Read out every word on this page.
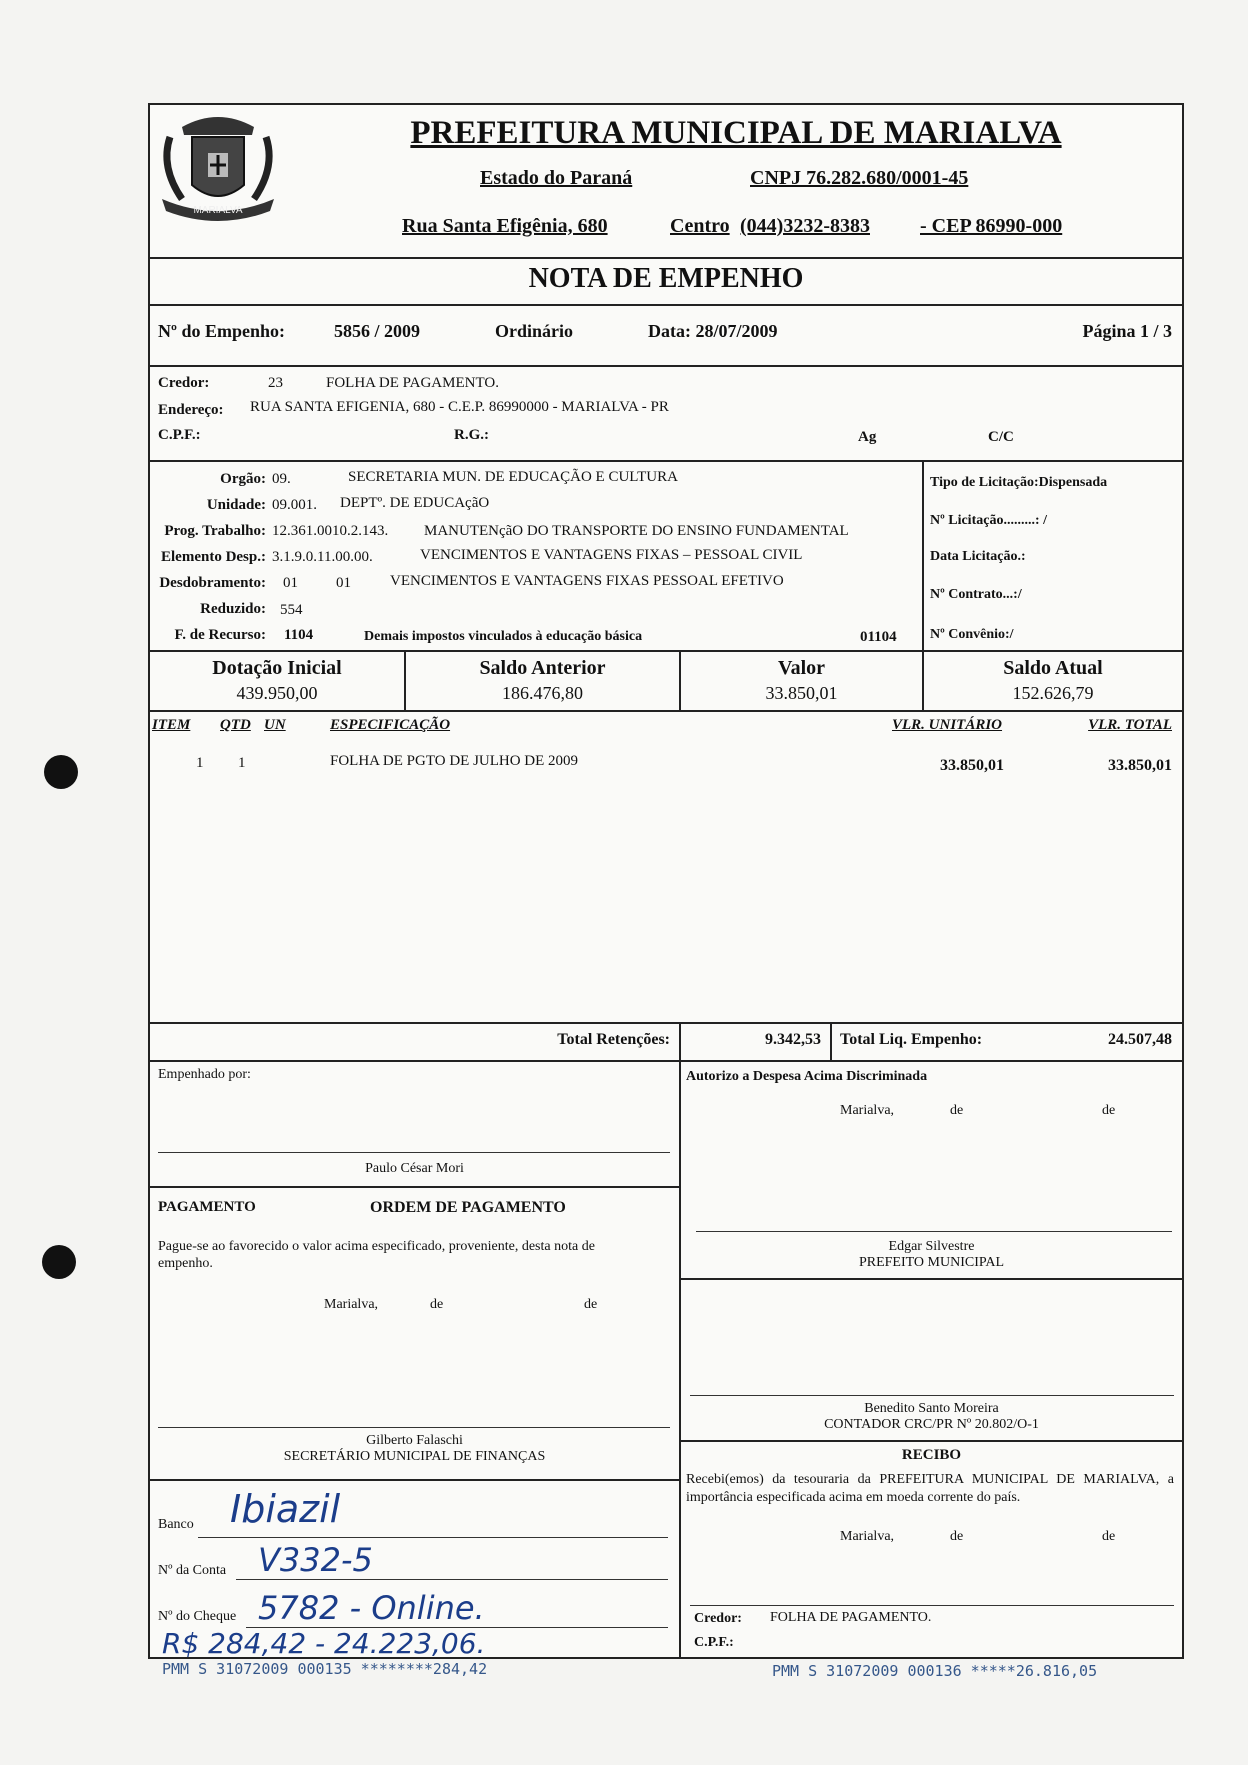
MARIALVA
PREFEITURA MUNICIPAL DE MARIALVA
Estado do Paraná	CNPJ 76.282.680/0001-45
Rua Santa Efigênia, 680	Centro (044)3232-8383	- CEP 86990-000
NOTA DE EMPENHO
Nº do Empenho:	5856 / 2009	Ordinário	Data: 28/07/2009	Página 1 / 3
Credor:	23	FOLHA DE PAGAMENTO.
Endereço: RUA SANTA EFIGENIA, 680 - C.E.P. 86990000 - MARIALVA - PR
C.P.F.:	R.G.:	Ag	C/C
Orgão: 09.	SECRETARIA MUN. DE EDUCAÇÃO E CULTURA
Unidade: 09.001. DEPTº. DE EDUCAçãO
Prog. Trabalho: 12.361.0010.2.143. MANUTENçãO DO TRANSPORTE DO ENSINO FUNDAMENTAL
Elemento Desp.: 3.1.9.0.11.00.00.	VENCIMENTOS E VANTAGENS FIXAS – PESSOAL CIVIL
Desdobramento: 01	01	VENCIMENTOS E VANTAGENS FIXAS PESSOAL EFETIVO
Reduzido: 554
F. de Recurso: 1104	Demais impostos vinculados à educação básica	01104
Tipo de Licitação:Dispensada
Nº Licitação.........: /
Data Licitação.:
Nº Contrato...:/
Nº Convênio:/
Dotação Inicial
439.950,00
Saldo Anterior
186.476,80
Valor
33.850,01
Saldo Atual
152.626,79
ITEM QTD UN	ESPECIFICAÇÃO	VLR. UNITÁRIO	VLR. TOTAL
1 1	FOLHA DE PGTO DE JULHO DE 2009	33.850,01	33.850,01
Total Retenções:	9.342,53 Total Liq. Empenho:	24.507,48
Empenhado por:
Paulo César Mori
PAGAMENTO	ORDEM DE PAGAMENTO
Pague-se ao favorecido o valor acima especificado, proveniente, desta nota de empenho.
Marialva,	de	de
Gilberto Falaschi
SECRETÁRIO MUNICIPAL DE FINANÇAS
Banco Ibiazil
Nº da Conta V332-5
Nº do Cheque 5782 - Online.
R$ 284,42 - 24.223,06.
Autorizo a Despesa Acima Discriminada
Marialva,	de	de
Edgar Silvestre
PREFEITO MUNICIPAL
Benedito Santo Moreira
CONTADOR CRC/PR Nº 20.802/O-1
RECIBO
Recebi(emos) da tesouraria da PREFEITURA MUNICIPAL DE MARIALVA, a importância especificada acima em moeda corrente do país.
Marialva,	de	de
Credor: FOLHA DE PAGAMENTO.
C.P.F.:
PMM S 31072009 000135 ********284,42	PMM S 31072009 000136 *****26.816,05
